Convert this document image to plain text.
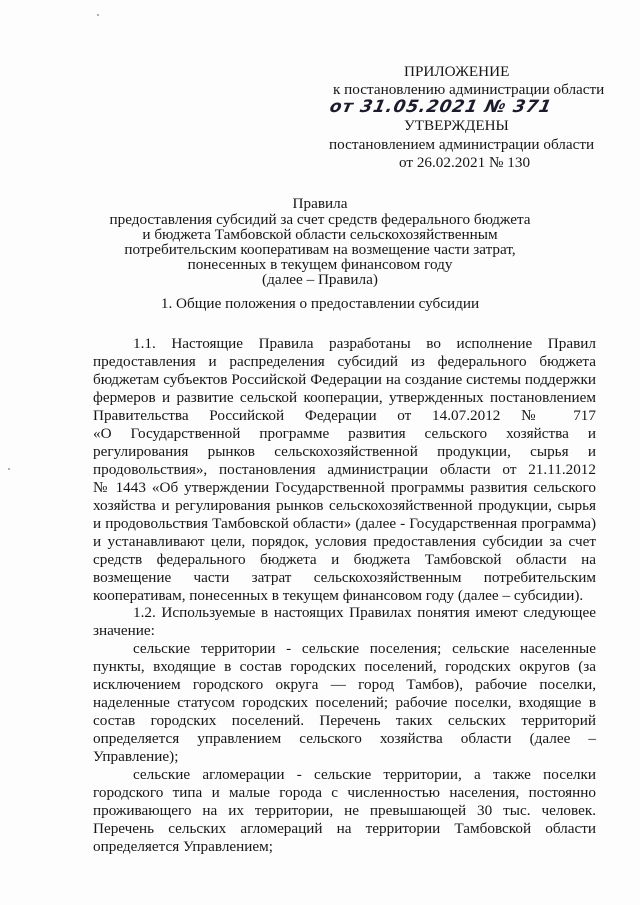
ПРИЛОЖЕНИЕ
к постановлению администрации области
от 31.05.2021 № 371
УТВЕРЖДЕНЫ
постановлением администрации области
от 26.02.2021 № 130
Правила
предоставления субсидий за счет средств федерального бюджета
и бюджета Тамбовской области сельскохозяйственным
потребительским кооперативам на возмещение части затрат,
понесенных в текущем финансовом году
(далее – Правила)
1. Общие положения о предоставлении субсидии
1.1. Настоящие Правила разработаны во исполнение Правил
предоставления и распределения субсидий из федерального бюджета
бюджетам субъектов Российской Федерации на создание системы поддержки
фермеров и развитие сельской кооперации, утвержденных постановлением
Правительства Российской Федерации от 14.07.2012 № 717
«О Государственной программе развития сельского хозяйства и
регулирования рынков сельскохозяйственной продукции, сырья и
продовольствия», постановления администрации области от 21.11.2012
№ 1443 «Об утверждении Государственной программы развития сельского
хозяйства и регулирования рынков сельскохозяйственной продукции, сырья
и продовольствия Тамбовской области» (далее - Государственная программа)
и устанавливают цели, порядок, условия предоставления субсидии за счет
средств федерального бюджета и бюджета Тамбовской области на
возмещение части затрат сельскохозяйственным потребительским
кооперативам, понесенных в текущем финансовом году (далее – субсидии).
1.2. Используемые в настоящих Правилах понятия имеют следующее
значение:
сельские территории - сельские поселения; сельские населенные
пункты, входящие в состав городских поселений, городских округов (за
исключением городского округа — город Тамбов), рабочие поселки,
наделенные статусом городских поселений; рабочие поселки, входящие в
состав городских поселений. Перечень таких сельских территорий
определяется управлением сельского хозяйства области (далее –
Управление);
сельские агломерации - сельские территории, а также поселки
городского типа и малые города с численностью населения, постоянно
проживающего на их территории, не превышающей 30 тыс. человек.
Перечень сельских агломераций на территории Тамбовской области
определяется Управлением;
